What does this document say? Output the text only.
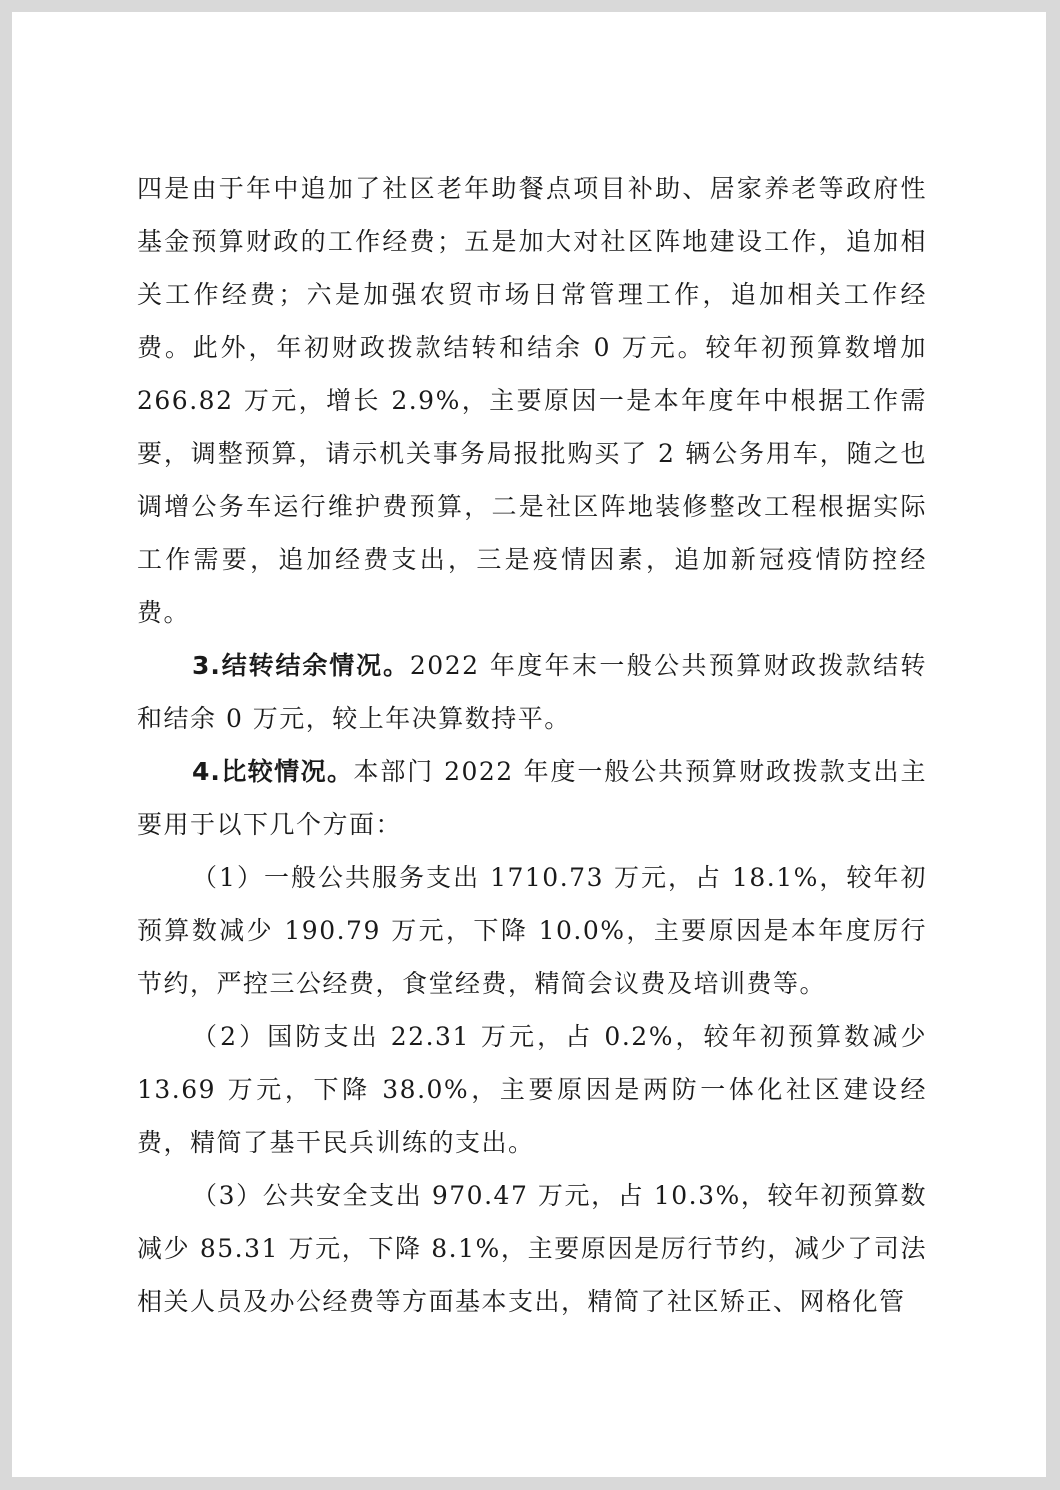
四是由于年中追加了社区老年助餐点项目补助、居家养老等政府性基金预算财政的工作经费；五是加大对社区阵地建设工作，追加相关工作经费；六是加强农贸市场日常管理工作，追加相关工作经费。此外，年初财政拨款结转和结余 0 万元。较年初预算数增加 266.82 万元，增长 2.9%，主要原因一是本年度年中根据工作需要，调整预算，请示机关事务局报批购买了 2 辆公务用车，随之也调增公务车运行维护费预算，二是社区阵地装修整改工程根据实际工作需要，追加经费支出，三是疫情因素，追加新冠疫情防控经费。

3.结转结余情况。2022 年度年末一般公共预算财政拨款结转和结余 0 万元，较上年决算数持平。

4.比较情况。本部门 2022 年度一般公共预算财政拨款支出主要用于以下几个方面：

（1）一般公共服务支出 1710.73 万元，占 18.1%，较年初预算数减少 190.79 万元，下降 10.0%，主要原因是本年度厉行节约，严控三公经费，食堂经费，精简会议费及培训费等。

（2）国防支出 22.31 万元，占 0.2%，较年初预算数减少 13.69 万元，下降 38.0%，主要原因是两防一体化社区建设经费，精简了基干民兵训练的支出。

（3）公共安全支出 970.47 万元，占 10.3%，较年初预算数减少 85.31 万元，下降 8.1%，主要原因是厉行节约，减少了司法相关人员及办公经费等方面基本支出，精简了社区矫正、网格化管
